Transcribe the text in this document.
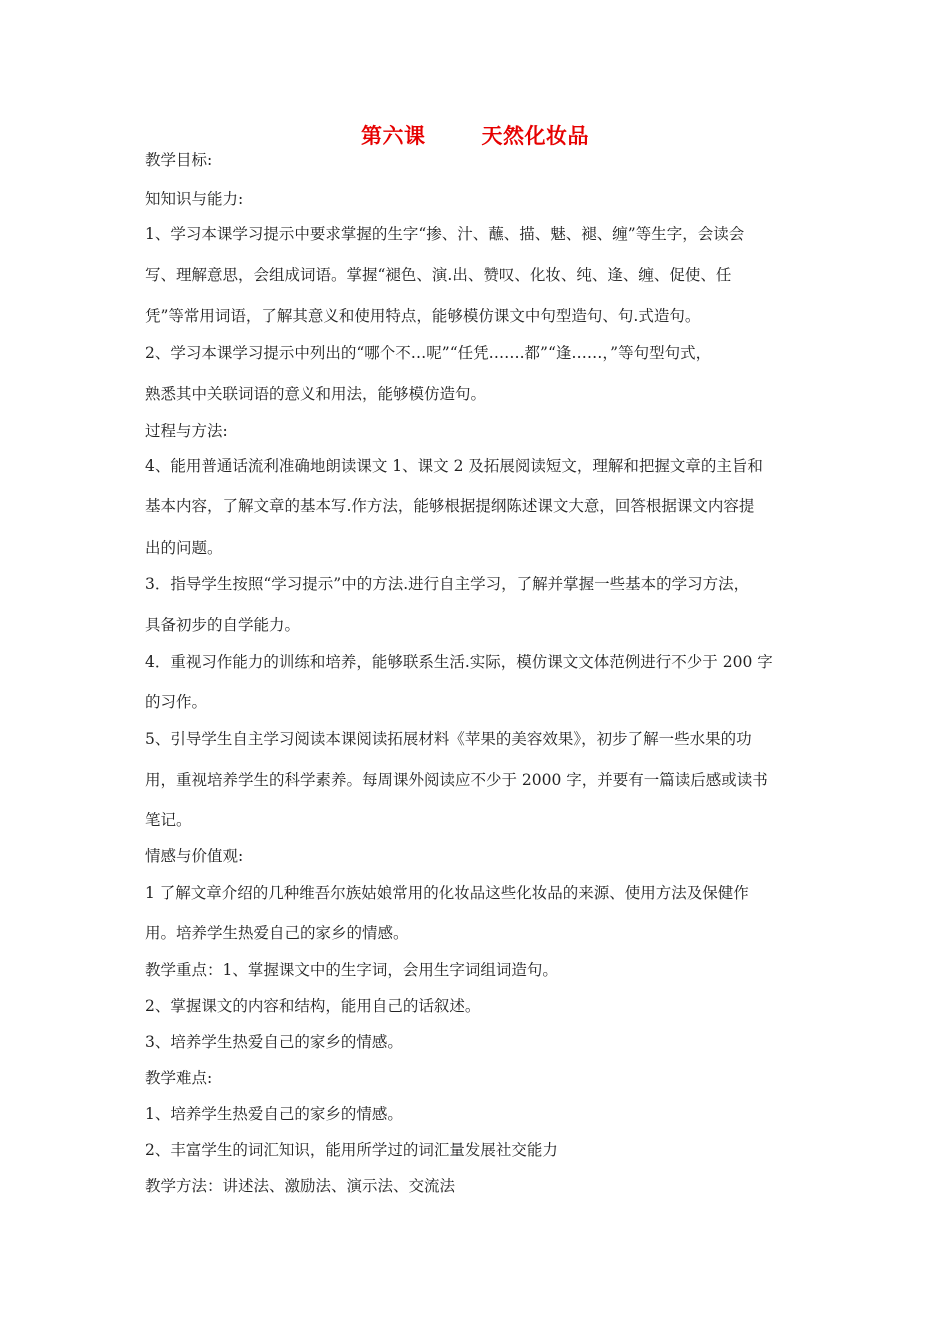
第六课	天然化妆品
教学目标:
知知识与能力:
1、学习本课学习提示中要求掌握的生字“掺、汁、蘸、描、魅、褪、缠”等生字，会读会
写、理解意思，会组成词语。掌握“褪色、演.出、赞叹、化妆、纯、逢、缠、促使、任
凭”等常用词语，了解其意义和使用特点，能够模仿课文中句型造句、句.式造句。
2、学习本课学习提示中列出的“哪个不…呢”“任凭…….都”“逢……，”等句型句式，
熟悉其中关联词语的意义和用法，能够模仿造句。
过程与方法:
4、能用普通话流利准确地朗读课文 1、课文 2 及拓展阅读短文，理解和把握文章的主旨和
基本内容，了解文章的基本写.作方法，能够根据提纲陈述课文大意，回答根据课文内容提
出的问题。
3．指导学生按照“学习提示”中的方法.进行自主学习，了解并掌握一些基本的学习方法，
具备初步的自学能力。
4．重视习作能力的训练和培养，能够联系生活.实际，模仿课文文体范例进行不少于 200 字
的习作。
5、引导学生自主学习阅读本课阅读拓展材料《苹果的美容效果》，初步了解一些水果的功
用，重视培养学生的科学素养。每周课外阅读应不少于 2000 字，并要有一篇读后感或读书
笔记。
情感与价值观:
1 了解文章介绍的几种维吾尔族姑娘常用的化妆品这些化妆品的来源、使用方法及保健作
用。培养学生热爱自己的家乡的情感。
教学重点：1、掌握课文中的生字词，会用生字词组词造句。
2、掌握课文的内容和结构，能用自己的话叙述。
3、培养学生热爱自己的家乡的情感。
教学难点:
1、培养学生热爱自己的家乡的情感。
2、丰富学生的词汇知识，能用所学过的词汇量发展社交能力
教学方法：讲述法、激励法、演示法、交流法
